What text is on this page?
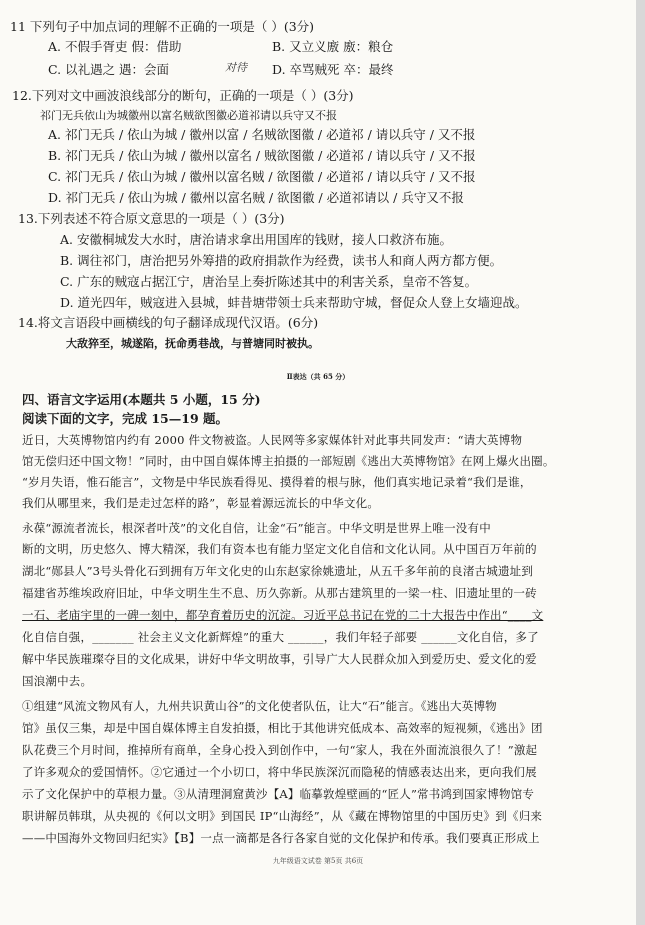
11 下列句子中加点词的理解不正确的一项是（ ）(3分)
A. 不假手胥吏 假：借助	B. 又立义廒 廒：粮仓
C. 以礼遇之 遇：会面	对待 D. 卒骂贼死 卒：最终
12.下列对文中画波浪线部分的断句，正确的一项是（ ）(3分)
祁门无兵依山为城徽州以富名贼欲图徽必道祁请以兵守又不报
A. 祁门无兵 / 依山为城 / 徽州以富 / 名贼欲图徽 / 必道祁 / 请以兵守 / 又不报
B. 祁门无兵 / 依山为城 / 徽州以富名 / 贼欲图徽 / 必道祁 / 请以兵守 / 又不报
C. 祁门无兵 / 依山为城 / 徽州以富名贼 / 欲图徽 / 必道祁 / 请以兵守 / 又不报
D. 祁门无兵 / 依山为城 / 徽州以富名贼 / 欲图徽 / 必道祁请以 / 兵守又不报
13.下列表述不符合原文意思的一项是（ ）(3分)
A. 安徽桐城发大水时，唐治请求拿出用国库的钱财，接人口救济布施。
B. 调往祁门，唐治把另外筹措的政府捐款作为经费，读书人和商人两方都方便。
C. 广东的贼寇占据江宁，唐治呈上奏折陈述其中的利害关系，皇帝不答复。
D. 道光四年，贼寇进入县城，蚌昔塘带领士兵来帮助守城，督促众人登上女墙迎战。
14.将文言语段中画横线的句子翻译成现代汉语。(6分)
大敌猝至，城遂陷，抚命勇巷战，与普塘同时被执。
Ⅱ表达（共 65 分）
四、语言文字运用(本题共 5 小题，15 分)
阅读下面的文字，完成 15—19 题。
近日，大英博物馆内约有 2000 件文物被盗。人民网等多家媒体针对此事共同发声：“请大英博物
馆无偿归还中国文物！”同时，由中国自媒体博主拍摄的一部短剧《逃出大英博物馆》在网上爆火出圈。
“岁月失语，惟石能言”，文物是中华民族看得见、摸得着的根与脉，他们真实地记录着“我们是谁，
我们从哪里来，我们是走过怎样的路”，彰显着源远流长的中华文化。
永葆“源流者流长，根深者叶茂”的文化自信，让金“石”能言。中华文明是世界上唯一没有中
断的文明，历史悠久、博大精深，我们有资本也有能力坚定文化自信和文化认同。从中国百万年前的
湖北“郧县人”3号头骨化石到拥有万年文化史的山东赵家徐姚遗址，从五千多年前的良渚古城遗址到
福建省苏维埃政府旧址，中华文明生生不息、历久弥新。从那古建筑里的一梁一柱、旧遗址里的一砖
一石、老庙宇里的一碑一刻中，都孕育着历史的沉淀。习近平总书记在党的二十大报告中作出“____文
化自信自强，_______ 社会主义文化新辉煌”的重大 ______，我们年轻子部要 ______文化自信，多了
解中华民族璀璨夺目的文化成果，讲好中华文明故事，引导广大人民群众加入到爱历史、爱文化的爱
国浪潮中去。
①组建“风流文物风有人，九州共识黄山谷”的文化使者队伍，让大“石”能言。《逃出大英博物
馆》虽仅三集，却是中国自媒体博主自发拍摄，相比于其他讲究低成本、高效率的短视频，《逃出》团
队花费三个月时间，推掉所有商单，全身心投入到创作中，一句“家人，我在外面流浪很久了！”激起
了许多观众的爱国情怀。②它通过一个小切口，将中华民族深沉而隐秘的情感表达出来，更向我们展
示了文化保护中的草根力量。③从清理洞窟黄沙【A】临摹敦煌壁画的“匠人”常书鸿到国家博物馆专
职讲解员韩琪，从央视的《何以文明》到国民 IP“山海经”，从《藏在博物馆里的中国历史》到《归来
——中国海外文物回归纪实》【B】一点一滴都是各行各家自觉的文化保护和传承。我们要真正形成上
九年级语文试卷 第5页 共6页
